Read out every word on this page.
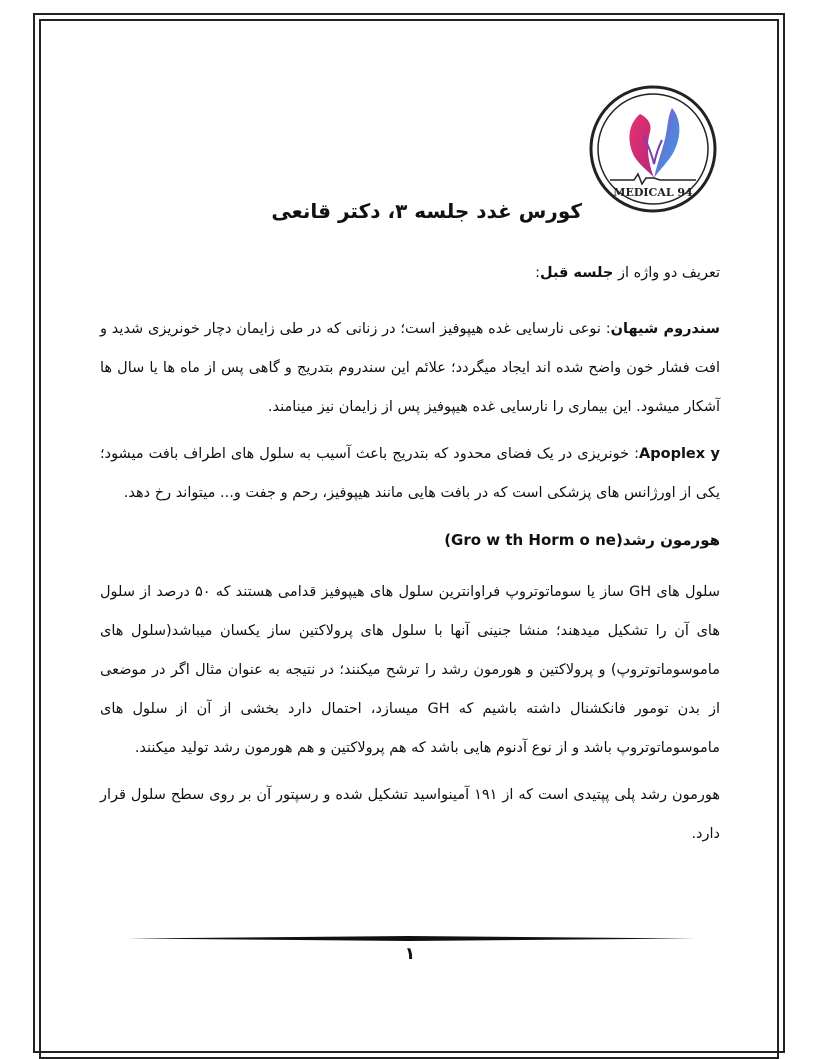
MEDICAL 94
کورس غدد جلسه ۳، دکتر قانعی

تعریف دو واژه از جلسه قبل:

سندروم شیهان: نوعی نارسایی غده هیپوفیز است؛ در زنانی که در طی زایمان دچار خونریزی شدید و افت فشار خون واضح شده اند ایجاد میگردد؛ علائم این سندروم بتدریج و گاهی پس از ماه ها یا سال ها آشکار میشود. این بیماری را نارسایی غده هیپوفیز پس از زایمان نیز مینامند.

Apoplex y: خونریزی در یک فضای محدود که بتدریج باعث آسیب به سلول های اطراف بافت میشود؛ یکی از اورژانس های پزشکی است که در بافت هایی مانند هیپوفیز، رحم و جفت و... میتواند رخ دهد.

هورمون رشد(Gro w th Horm o ne)

سلول های GH ساز یا سوماتوتروپ فراوانترین سلول های هیپوفیز قدامی هستند که ۵۰ درصد از سلول های آن را تشکیل میدهند؛ منشا جنینی آنها با سلول های پرولاکتین ساز یکسان میباشد(سلول های ماموسوماتوتروپ) و پرولاکتین و هورمون رشد را ترشح میکنند؛ در نتیجه به عنوان مثال اگر در موضعی از بدن تومور فانکشنال داشته باشیم که GH میسازد، احتمال دارد بخشی از آن از سلول های ماموسوماتوتروپ باشد و از نوع آدنوم هایی باشد که هم پرولاکتین و هم هورمون رشد تولید میکنند.

هورمون رشد پلی پپتیدی است که از ۱۹۱ آمینواسید تشکیل شده و رسپتور آن بر روی سطح سلول قرار دارد.

۱
